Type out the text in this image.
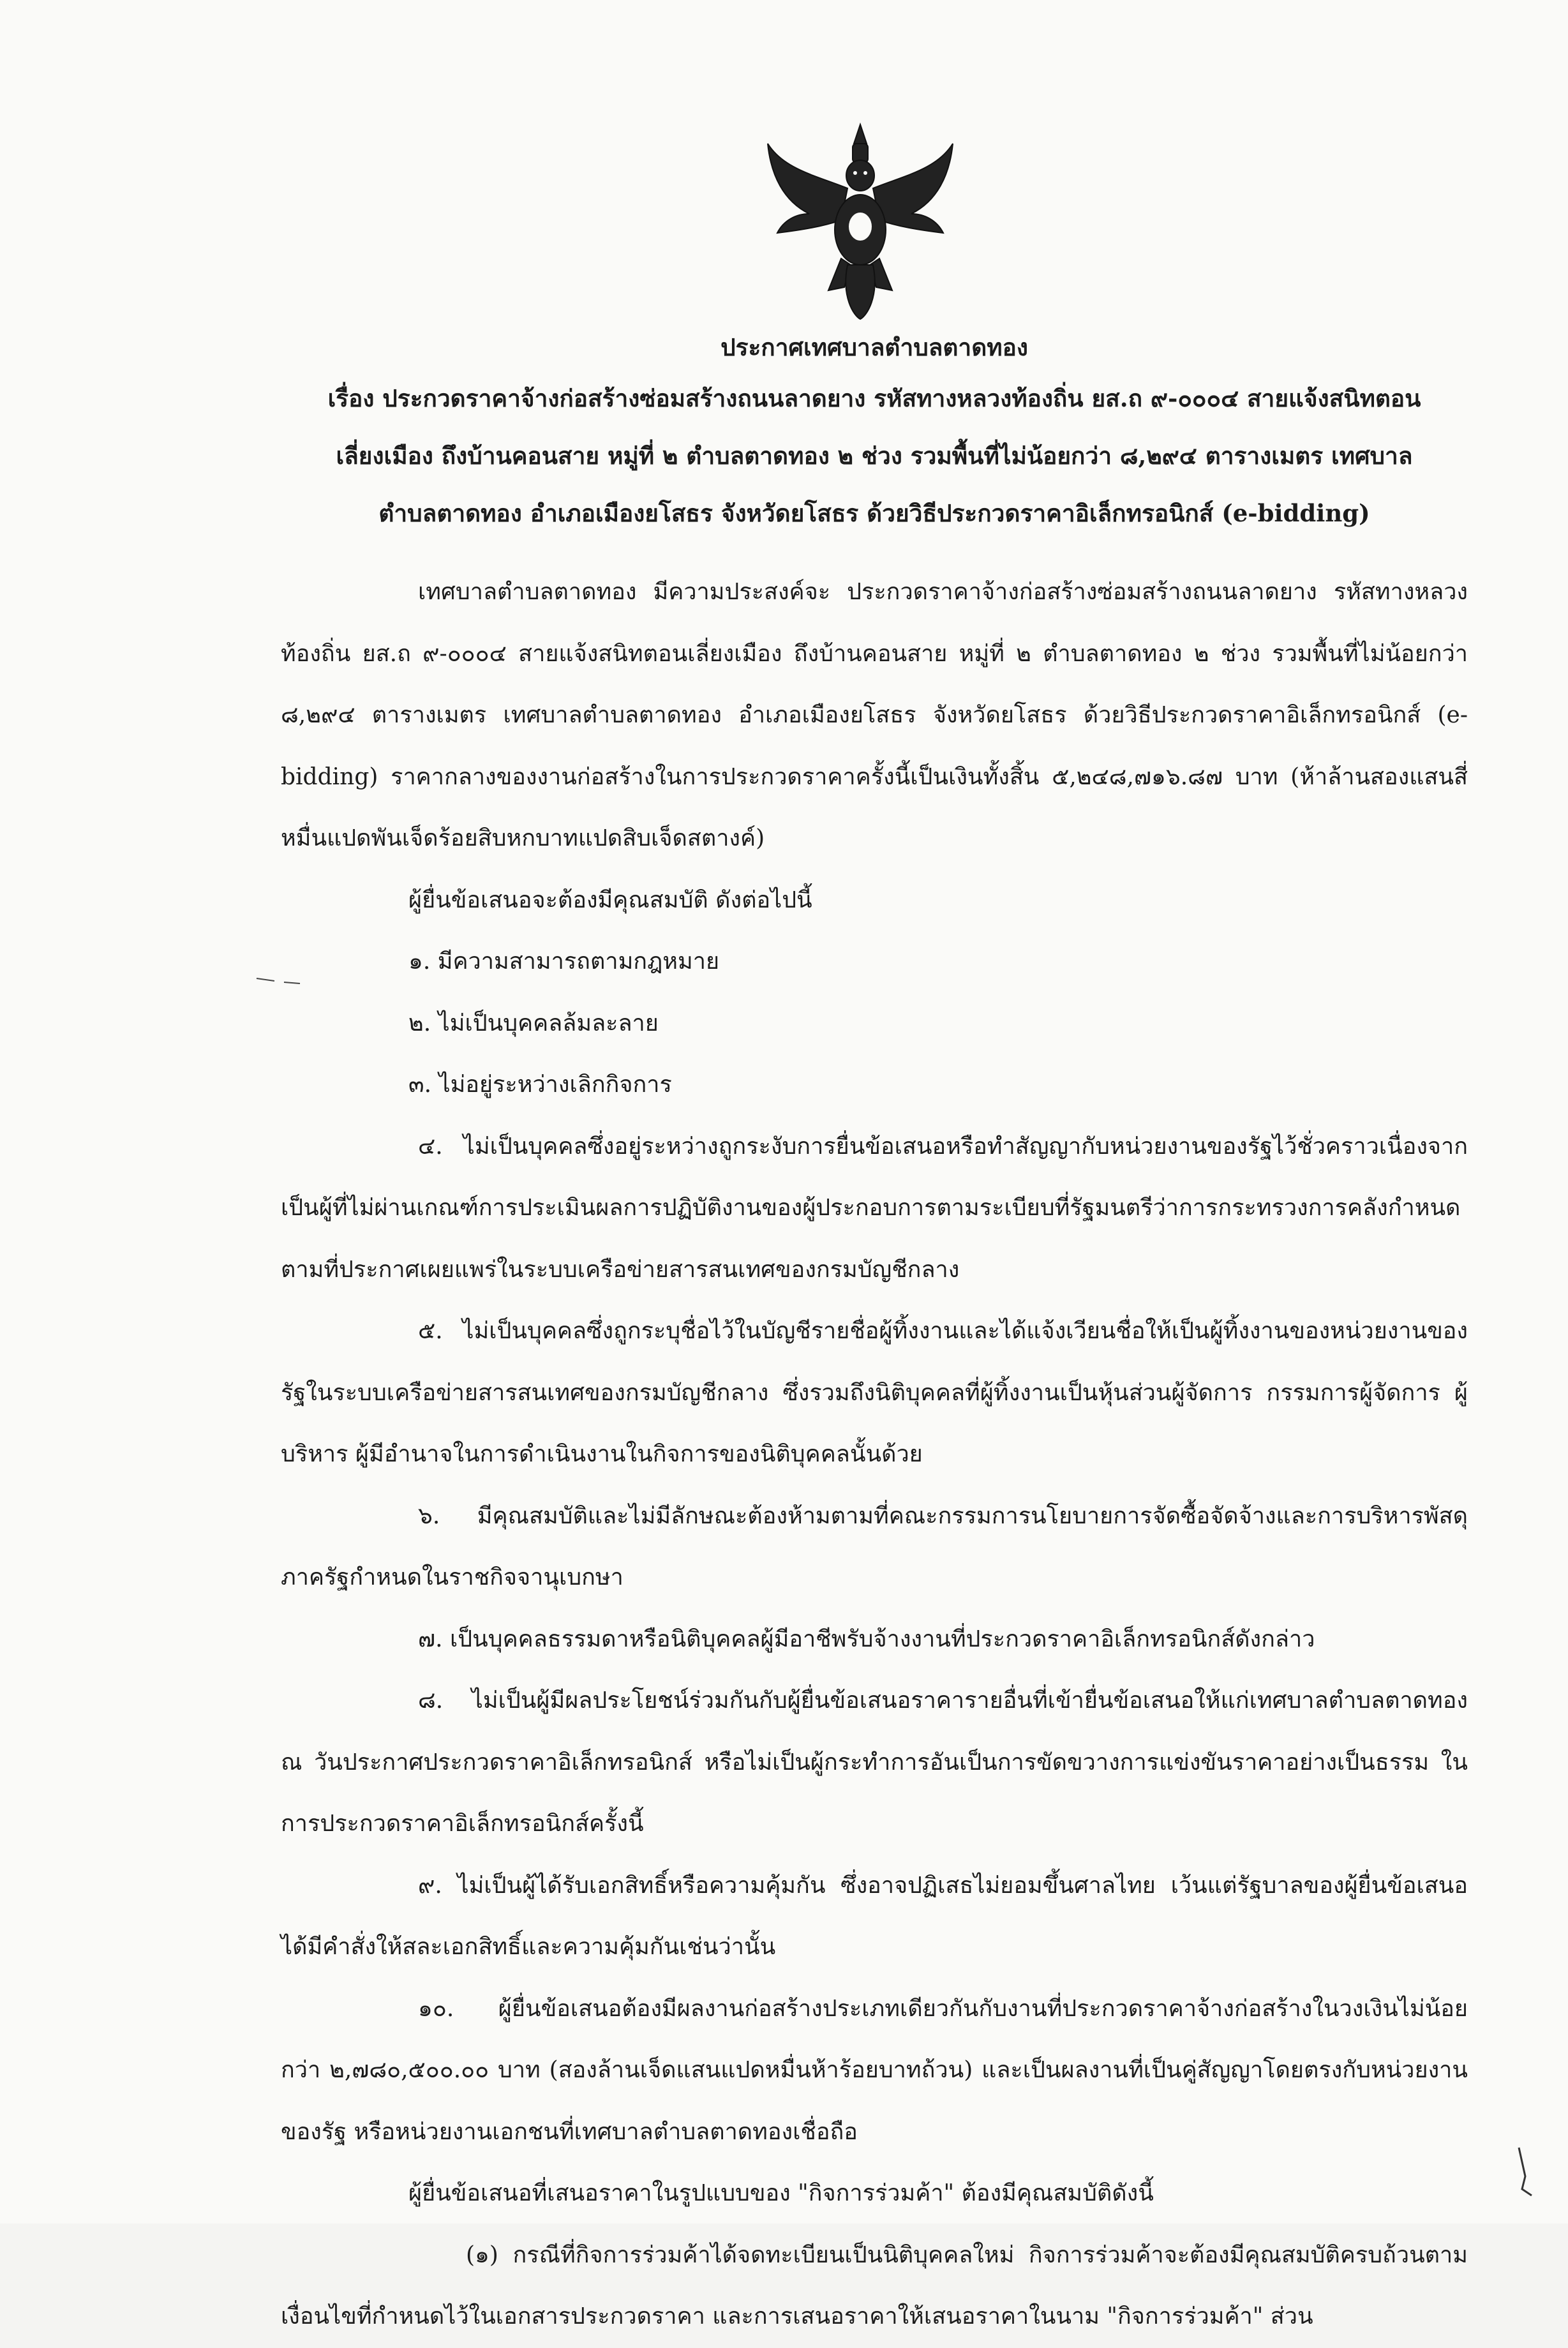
ประกาศเทศบาลตำบลตาดทอง
เรื่อง ประกวดราคาจ้างก่อสร้างซ่อมสร้างถนนลาดยาง รหัสทางหลวงท้องถิ่น ยส.ถ ๙-๐๐๐๔ สายแจ้งสนิทตอน
เลี่ยงเมือง ถึงบ้านคอนสาย หมู่ที่ ๒ ตำบลตาดทอง ๒ ช่วง รวมพื้นที่ไม่น้อยกว่า ๘,๒๙๔ ตารางเมตร เทศบาล
ตำบลตาดทอง อำเภอเมืองยโสธร จังหวัดยโสธร ด้วยวิธีประกวดราคาอิเล็กทรอนิกส์ (e-bidding)

เทศบาลตำบลตาดทอง มีความประสงค์จะ ประกวดราคาจ้างก่อสร้างซ่อมสร้างถนนลาดยาง รหัสทางหลวงท้องถิ่น ยส.ถ ๙-๐๐๐๔ สายแจ้งสนิทตอนเลี่ยงเมือง ถึงบ้านคอนสาย หมู่ที่ ๒ ตำบลตาดทอง ๒ ช่วง รวมพื้นที่ไม่น้อยกว่า ๘,๒๙๔ ตารางเมตร เทศบาลตำบลตาดทอง อำเภอเมืองยโสธร จังหวัดยโสธร ด้วยวิธีประกวดราคาอิเล็กทรอนิกส์ (e-bidding) ราคากลางของงานก่อสร้างในการประกวดราคาครั้งนี้เป็นเงินทั้งสิ้น ๕,๒๔๘,๗๑๖.๘๗ บาท (ห้าล้านสองแสนสี่หมื่นแปดพันเจ็ดร้อยสิบหกบาทแปดสิบเจ็ดสตางค์)

ผู้ยื่นข้อเสนอจะต้องมีคุณสมบัติ ดังต่อไปนี้

๑. มีความสามารถตามกฎหมาย

๒. ไม่เป็นบุคคลล้มละลาย

๓. ไม่อยู่ระหว่างเลิกกิจการ

๔. ไม่เป็นบุคคลซึ่งอยู่ระหว่างถูกระงับการยื่นข้อเสนอหรือทำสัญญากับหน่วยงานของรัฐไว้ชั่วคราวเนื่องจากเป็นผู้ที่ไม่ผ่านเกณฑ์การประเมินผลการปฏิบัติงานของผู้ประกอบการตามระเบียบที่รัฐมนตรีว่าการกระทรวงการคลังกำหนดตามที่ประกาศเผยแพร่ในระบบเครือข่ายสารสนเทศของกรมบัญชีกลาง

๕. ไม่เป็นบุคคลซึ่งถูกระบุชื่อไว้ในบัญชีรายชื่อผู้ทิ้งงานและได้แจ้งเวียนชื่อให้เป็นผู้ทิ้งงานของหน่วยงานของรัฐในระบบเครือข่ายสารสนเทศของกรมบัญชีกลาง ซึ่งรวมถึงนิติบุคคลที่ผู้ทิ้งงานเป็นหุ้นส่วนผู้จัดการ กรรมการผู้จัดการ ผู้บริหาร ผู้มีอำนาจในการดำเนินงานในกิจการของนิติบุคคลนั้นด้วย

๖. มีคุณสมบัติและไม่มีลักษณะต้องห้ามตามที่คณะกรรมการนโยบายการจัดซื้อจัดจ้างและการบริหารพัสดุภาครัฐกำหนดในราชกิจจานุเบกษา

๗. เป็นบุคคลธรรมดาหรือนิติบุคคลผู้มีอาชีพรับจ้างงานที่ประกวดราคาอิเล็กทรอนิกส์ดังกล่าว

๘. ไม่เป็นผู้มีผลประโยชน์ร่วมกันกับผู้ยื่นข้อเสนอราคารายอื่นที่เข้ายื่นข้อเสนอให้แก่เทศบาลตำบลตาดทอง ณ วันประกาศประกวดราคาอิเล็กทรอนิกส์ หรือไม่เป็นผู้กระทำการอันเป็นการขัดขวางการแข่งขันราคาอย่างเป็นธรรม ในการประกวดราคาอิเล็กทรอนิกส์ครั้งนี้

๙. ไม่เป็นผู้ได้รับเอกสิทธิ์หรือความคุ้มกัน ซึ่งอาจปฏิเสธไม่ยอมขึ้นศาลไทย เว้นแต่รัฐบาลของผู้ยื่นข้อเสนอได้มีคำสั่งให้สละเอกสิทธิ์และความคุ้มกันเช่นว่านั้น

๑๐. ผู้ยื่นข้อเสนอต้องมีผลงานก่อสร้างประเภทเดียวกันกับงานที่ประกวดราคาจ้างก่อสร้างในวงเงินไม่น้อยกว่า ๒,๗๘๐,๕๐๐.๐๐ บาท (สองล้านเจ็ดแสนแปดหมื่นห้าร้อยบาทถ้วน) และเป็นผลงานที่เป็นคู่สัญญาโดยตรงกับหน่วยงานของรัฐ หรือหน่วยงานเอกชนที่เทศบาลตำบลตาดทองเชื่อถือ

ผู้ยื่นข้อเสนอที่เสนอราคาในรูปแบบของ "กิจการร่วมค้า" ต้องมีคุณสมบัติดังนี้

(๑) กรณีที่กิจการร่วมค้าได้จดทะเบียนเป็นนิติบุคคลใหม่ กิจการร่วมค้าจะต้องมีคุณสมบัติครบถ้วนตามเงื่อนไขที่กำหนดไว้ในเอกสารประกวดราคา และการเสนอราคาให้เสนอราคาในนาม "กิจการร่วมค้า" ส่วน
